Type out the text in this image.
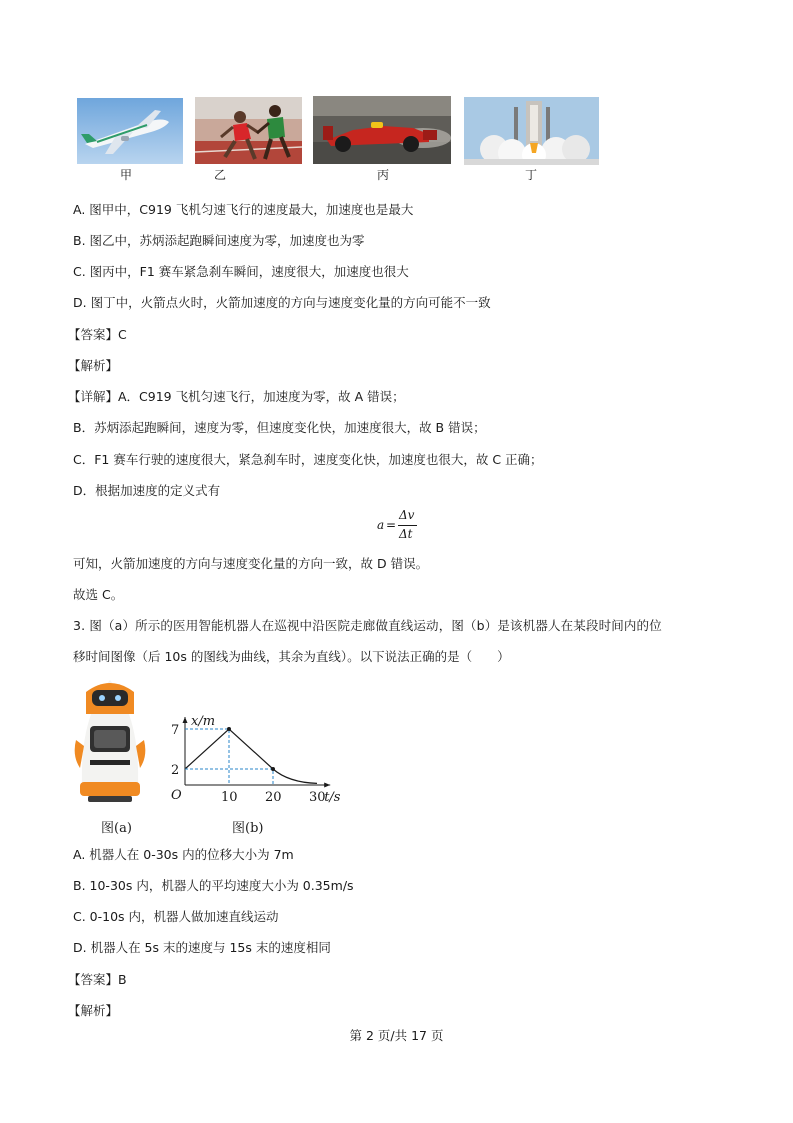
甲	乙	丙	丁
A. 图甲中，C919 飞机匀速飞行的速度最大，加速度也是最大
B. 图乙中，苏炳添起跑瞬间速度为零，加速度也为零
C. 图丙中，F1 赛车紧急刹车瞬间，速度很大，加速度也很大
D. 图丁中，火箭点火时，火箭加速度的方向与速度变化量的方向可能不一致
【答案】C
【解析】
【详解】A．C919 飞机匀速飞行，加速度为零，故 A 错误；
B．苏炳添起跑瞬间，速度为零，但速度变化快，加速度很大，故 B 错误；
C．F1 赛车行驶的速度很大，紧急刹车时，速度变化快，加速度也很大，故 C 正确；
D．根据加速度的定义式有
a =
Δv
Δt
可知，火箭加速度的方向与速度变化量的方向一致，故 D 错误。
故选 C。
3. 图（a）所示的医用智能机器人在巡视中沿医院走廊做直线运动，图（b）是该机器人在某段时间内的位
移时间图像（后 10s 的图线为曲线，其余为直线）。以下说法正确的是（　　）
x/m
t/s
O
2
7
10 20 30
图(a)	图(b)
A. 机器人在 0-30s 内的位移大小为 7m
B. 10-30s 内，机器人的平均速度大小为 0.35m/s
C. 0-10s 内，机器人做加速直线运动
D. 机器人在 5s 末的速度与 15s 末的速度相同
【答案】B
【解析】
第 2 页/共 17 页
